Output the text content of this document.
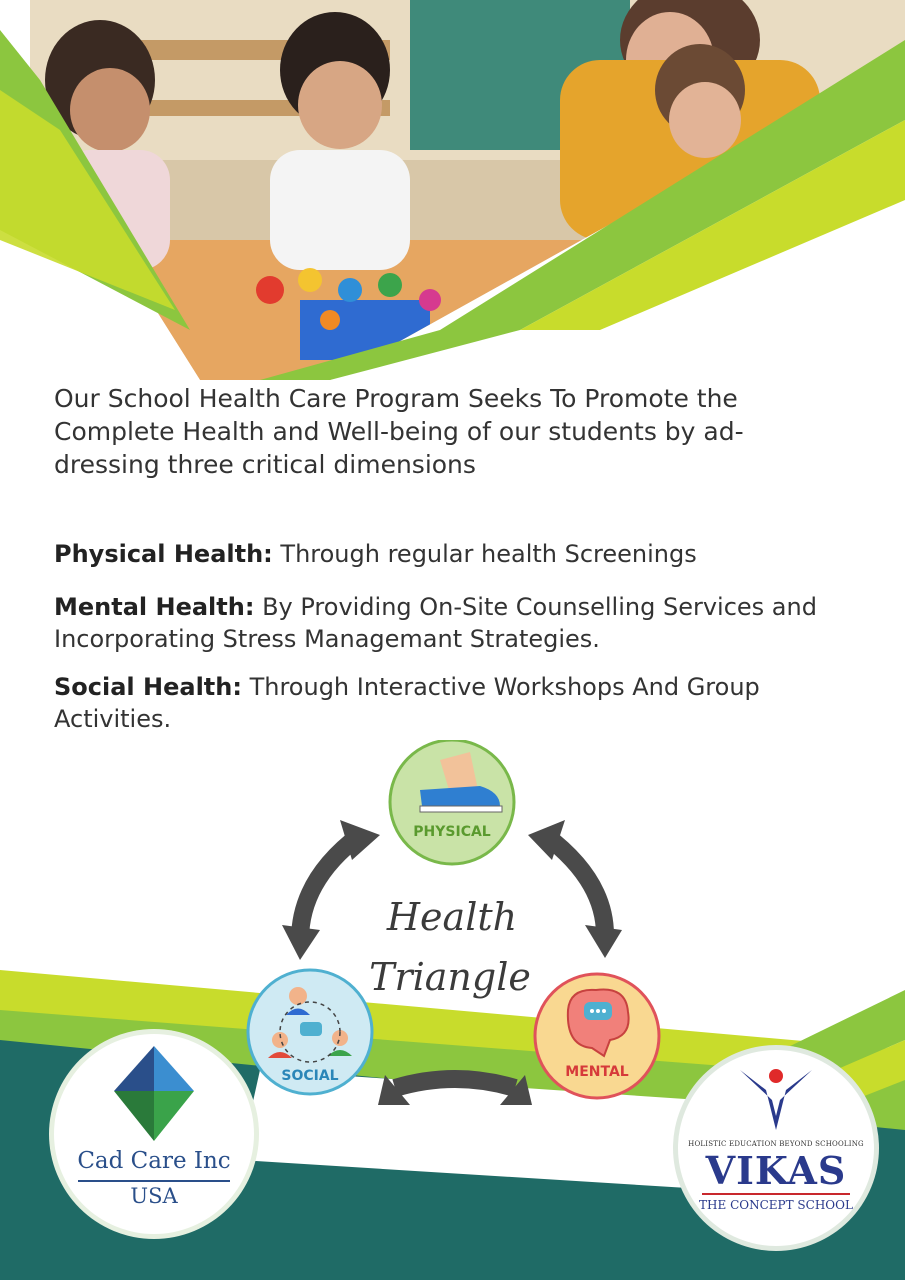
Our School Health Care Program Seeks To Promote the Complete Health and Well-being of our students by ad-dressing three critical dimensions

Physical Health: Through regular health Screenings

Mental Health: By Providing On-Site Counselling Services and Incorporating Stress Managemant Strategies.

Social Health: Through Interactive Workshops And Group Activities.

PHYSICAL
SOCIAL	MENTAL
Health
Triangle
Cad Care Inc
USA
HOLISTIC EDUCATION BEYOND SCHOOLING
VIKAS
THE CONCEPT SCHOOL
